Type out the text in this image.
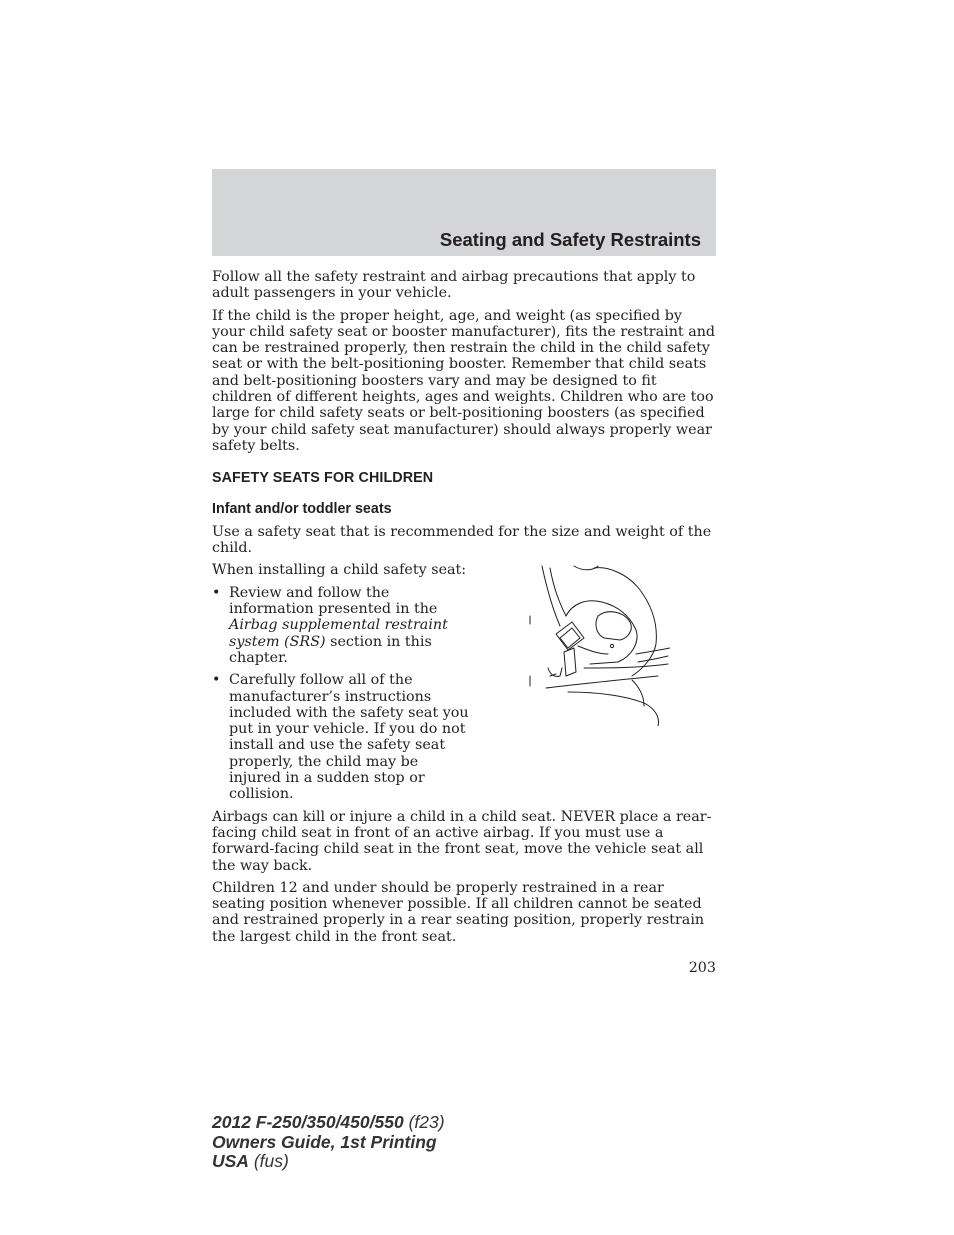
Seating and Safety Restraints

Follow all the safety restraint and airbag precautions that apply to adult passengers in your vehicle.

If the child is the proper height, age, and weight (as specified by your child safety seat or booster manufacturer), fits the restraint and can be restrained properly, then restrain the child in the child safety seat or with the belt-positioning booster. Remember that child seats and belt-positioning boosters vary and may be designed to fit children of different heights, ages and weights. Children who are too large for child safety seats or belt-positioning boosters (as specified by your child safety seat manufacturer) should always properly wear safety belts.

SAFETY SEATS FOR CHILDREN
Infant and/or toddler seats

Use a safety seat that is recommended for the size and weight of the child.

When installing a child safety seat:

• Review and follow the information presented in the Airbag supplemental restraint system (SRS) section in this chapter.
• Carefully follow all of the manufacturer’s instructions included with the safety seat you put in your vehicle. If you do not install and use the safety seat properly, the child may be injured in a sudden stop or collision.

Airbags can kill or injure a child in a child seat. NEVER place a rear-facing child seat in front of an active airbag. If you must use a forward-facing child seat in the front seat, move the vehicle seat all the way back.

Children 12 and under should be properly restrained in a rear seating position whenever possible. If all children cannot be seated and restrained properly in a rear seating position, properly restrain the largest child in the front seat.

203

2012 F-250/350/450/550 (f23)
Owners Guide, 1st Printing
USA (fus)
